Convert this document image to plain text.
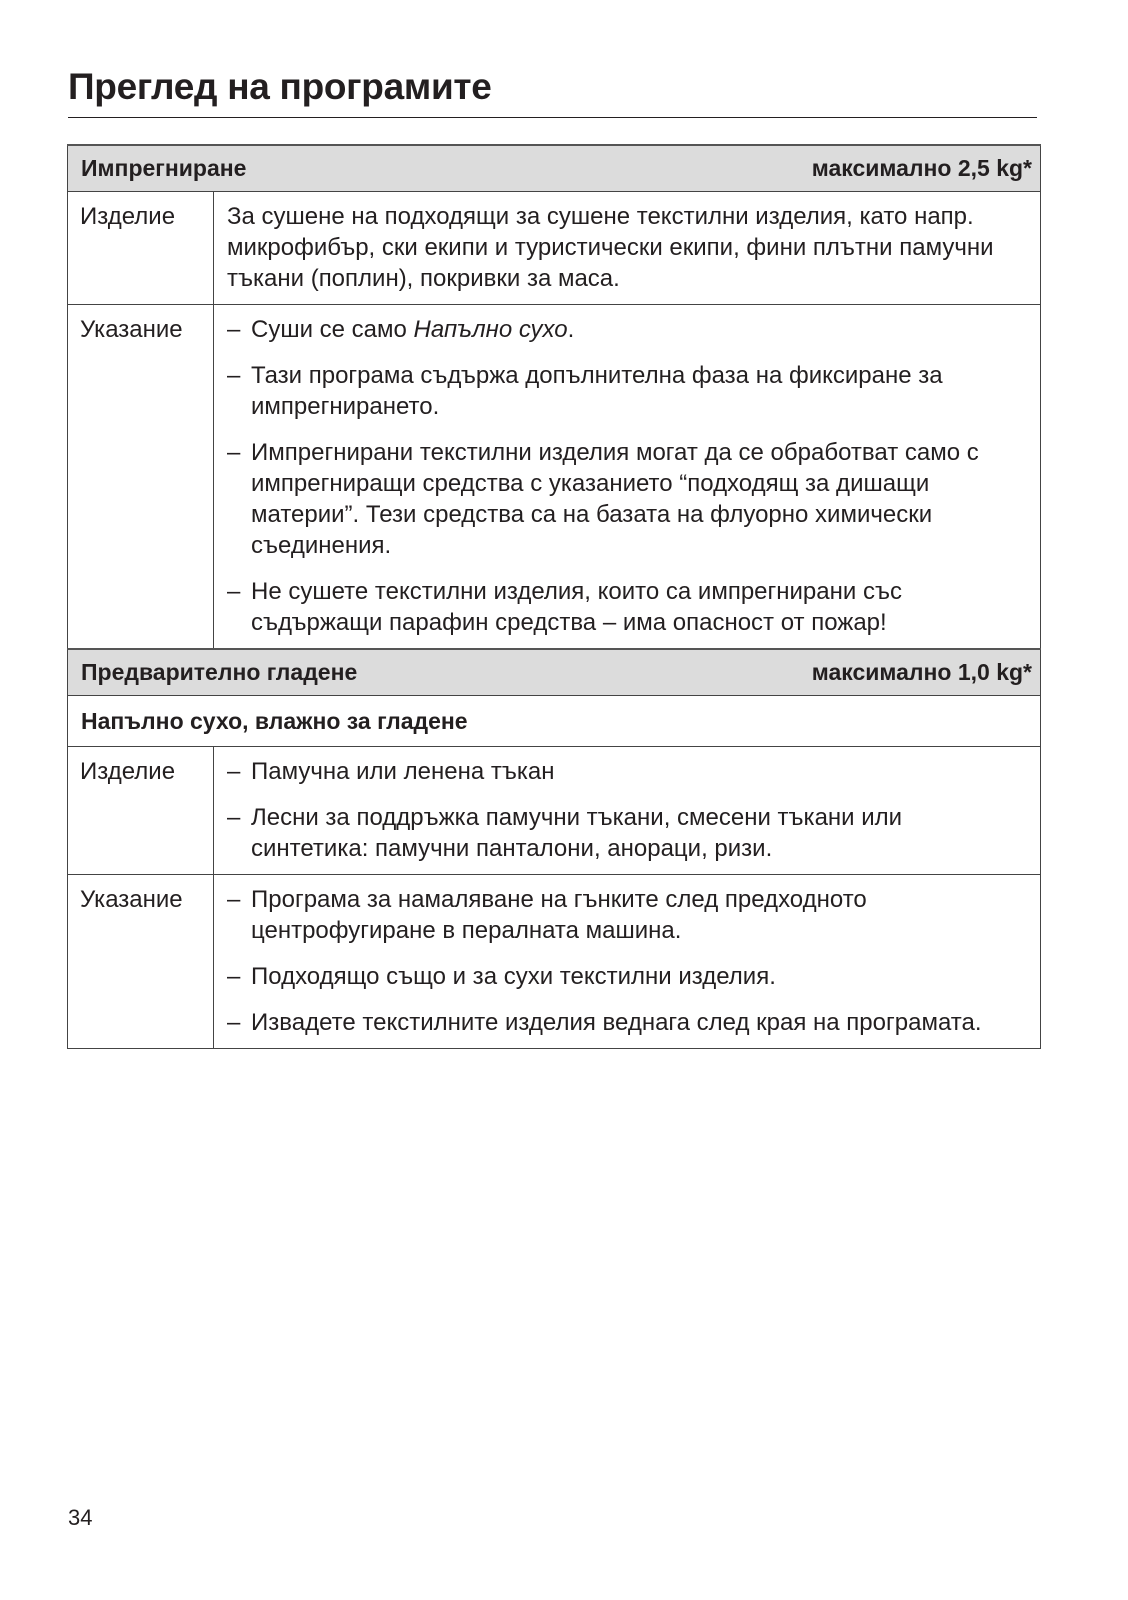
Преглед на програмите
Импрегниране максимално 2,5 kg*	

Изделие	За сушене на подходящи за сушене текстилни изделия, като напр. микрофибър, ски екипи и туристически екипи, фини плътни памучни тъкани (поплин), покривки за маса.
Указание	– Суши се само Напълно сухо.
– Тази програма съдържа допълнителна фаза на фиксиране за импрегнирането.
– Импрегнирани текстилни изделия могат да се обработват само с импрегниращи средства с указанието “подходящ за дишащи материи”. Тези средства са на базата на флуорно химически съединения.
– Не сушете текстилни изделия, които са импрегнирани със съдържащи парафин средства – има опасност от пожар!

Предварително гладене максимално 1,0 kg*	

Напълно сухо, влажно за гладене	
Изделие	– Памучна или ленена тъкан
– Лесни за поддръжка памучни тъкани, смесени тъкани или синтетика: памучни панталони, анораци, ризи.

Указание	– Програма за намаляване на гънките след предходното центрофугиране в пералната машина.
– Подходящо също и за сухи текстилни изделия.
– Извадете текстилните изделия веднага след края на програмата.
34
